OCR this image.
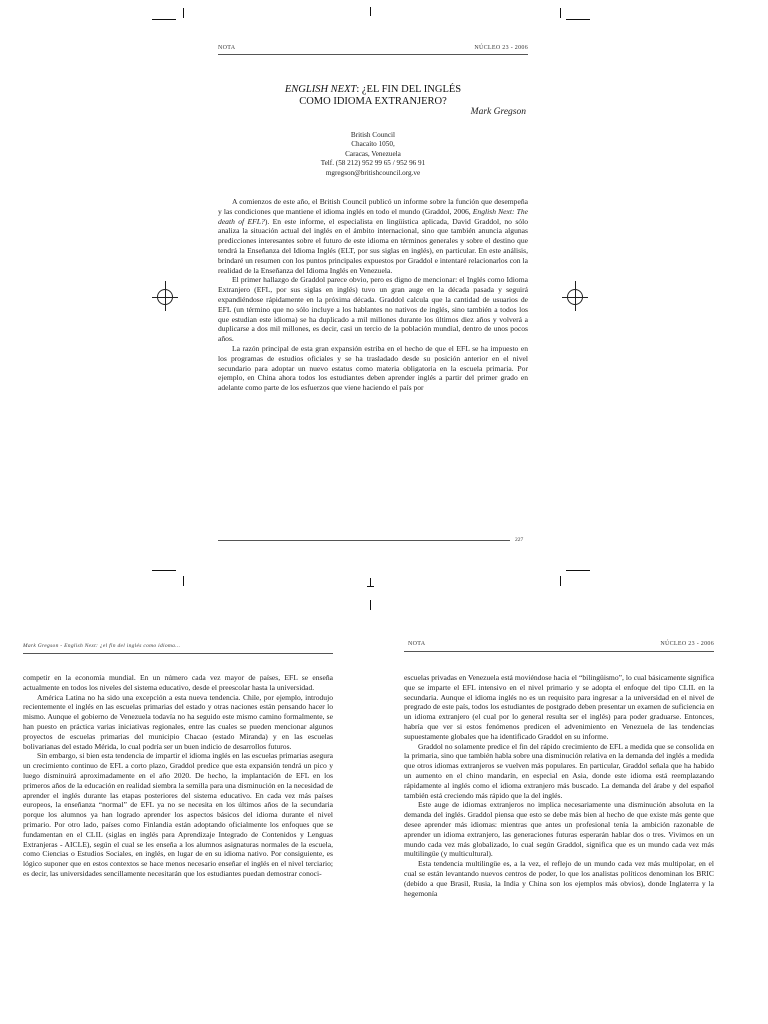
NOTA	NÚCLEO 23 - 2006
ENGLISH NEXT: ¿EL FIN DEL INGLÉS
COMO IDIOMA EXTRANJERO?
Mark Gregson
British Council
Chacaíto 1050,
Caracas, Venezuela
Telf. (58 212) 952 99 65 / 952 96 91
mgregson@britishcouncil.org.ve

A comienzos de este año, el British Council publicó un informe sobre la función que desempeña y las condiciones que mantiene el idioma inglés en todo el mundo (Graddol, 2006, English Next: The death of EFL?). En este informe, el especialista en lingüística aplicada, David Graddol, no sólo analiza la situación actual del inglés en el ámbito internacional, sino que también anuncia algunas predicciones interesantes sobre el futuro de este idioma en términos generales y sobre el destino que tendrá la Enseñanza del Idioma Inglés (ELT, por sus siglas en inglés), en particular. En este análisis, brindaré un resumen con los puntos principales expuestos por Graddol e intentaré relacionarlos con la realidad de la Enseñanza del Idioma Inglés en Venezuela.

El primer hallazgo de Graddol parece obvio, pero es digno de mencionar: el Inglés como Idioma Extranjero (EFL, por sus siglas en inglés) tuvo un gran auge en la década pasada y seguirá expandiéndose rápidamente en la próxima década. Graddol calcula que la cantidad de usuarios de EFL (un término que no sólo incluye a los hablantes no nativos de inglés, sino también a todos los que estudian este idioma) se ha duplicado a mil millones durante los últimos diez años y volverá a duplicarse a dos mil millones, es decir, casi un tercio de la población mundial, dentro de unos pocos años.

La razón principal de esta gran expansión estriba en el hecho de que el EFL se ha impuesto en los programas de estudios oficiales y se ha trasladado desde su posición anterior en el nivel secundario para adoptar un nuevo estatus como materia obligatoria en la escuela primaria. Por ejemplo, en China ahora todos los estudiantes deben aprender inglés a partir del primer grado en adelante como parte de los esfuerzos que viene haciendo el país por

227
Mark Gregson - English Next: ¿el fin del inglés como idioma...	NOTA	NÚCLEO 23 - 2006

competir en la economía mundial. En un número cada vez mayor de países, EFL se enseña actualmente en todos los niveles del sistema educativo, desde el preescolar hasta la universidad.

América Latina no ha sido una excepción a esta nueva tendencia. Chile, por ejemplo, introdujo recientemente el inglés en las escuelas primarias del estado y otras naciones están pensando hacer lo mismo. Aunque el gobierno de Venezuela todavía no ha seguido este mismo camino formalmente, se han puesto en práctica varias iniciativas regionales, entre las cuales se pueden mencionar algunos proyectos de escuelas primarias del municipio Chacao (estado Miranda) y en las escuelas bolivarianas del estado Mérida, lo cual podría ser un buen indicio de desarrollos futuros.

Sin embargo, si bien esta tendencia de impartir el idioma inglés en las escuelas primarias asegura un crecimiento continuo de EFL a corto plazo, Graddol predice que esta expansión tendrá un pico y luego disminuirá aproximadamente en el año 2020. De hecho, la implantación de EFL en los primeros años de la educación en realidad siembra la semilla para una disminución en la necesidad de aprender el inglés durante las etapas posteriores del sistema educativo. En cada vez más países europeos, la enseñanza “normal” de EFL ya no se necesita en los últimos años de la secundaria porque los alumnos ya han logrado aprender los aspectos básicos del idioma durante el nivel primario. Por otro lado, países como Finlandia están adoptando oficialmente los enfoques que se fundamentan en el CLIL (siglas en inglés para Aprendizaje Integrado de Contenidos y Lenguas Extranjeras - AICLE), según el cual se les enseña a los alumnos asignaturas normales de la escuela, como Ciencias o Estudios Sociales, en inglés, en lugar de en su idioma nativo. Por consiguiente, es lógico suponer que en estos contextos se hace menos necesario enseñar el inglés en el nivel terciario; es decir, las universidades sencillamente necesitarán que los estudiantes puedan demostrar conoci-

escuelas privadas en Venezuela está moviéndose hacia el “bilingüismo”, lo cual básicamente significa que se imparte el EFL intensivo en el nivel primario y se adopta el enfoque del tipo CLIL en la secundaria. Aunque el idioma inglés no es un requisito para ingresar a la universidad en el nivel de pregrado de este país, todos los estudiantes de postgrado deben presentar un examen de suficiencia en un idioma extranjero (el cual por lo general resulta ser el inglés) para poder graduarse. Entonces, habría que ver si estos fenómenos predicen el advenimiento en Venezuela de las tendencias supuestamente globales que ha identificado Graddol en su informe.

Graddol no solamente predice el fin del rápido crecimiento de EFL a medida que se consolida en la primaria, sino que también habla sobre una disminución relativa en la demanda del inglés a medida que otros idiomas extranjeros se vuelven más populares. En particular, Graddol señala que ha habido un aumento en el chino mandarín, en especial en Asia, donde este idioma está reemplazando rápidamente al inglés como el idioma extranjero más buscado. La demanda del árabe y del español también está creciendo más rápido que la del inglés.

Este auge de idiomas extranjeros no implica necesariamente una disminución absoluta en la demanda del inglés. Graddol piensa que esto se debe más bien al hecho de que existe más gente que desee aprender más idiomas: mientras que antes un profesional tenía la ambición razonable de aprender un idioma extranjero, las generaciones futuras esperarán hablar dos o tres. Vivimos en un mundo cada vez más globalizado, lo cual según Graddol, significa que es un mundo cada vez más multilingüe (y multicultural).

Esta tendencia multilingüe es, a la vez, el reflejo de un mundo cada vez más multipolar, en el cual se están levantando nuevos centros de poder, lo que los analistas políticos denominan los BRIC (debido a que Brasil, Rusia, la India y China son los ejemplos más obvios), donde Inglaterra y la hegemonía
